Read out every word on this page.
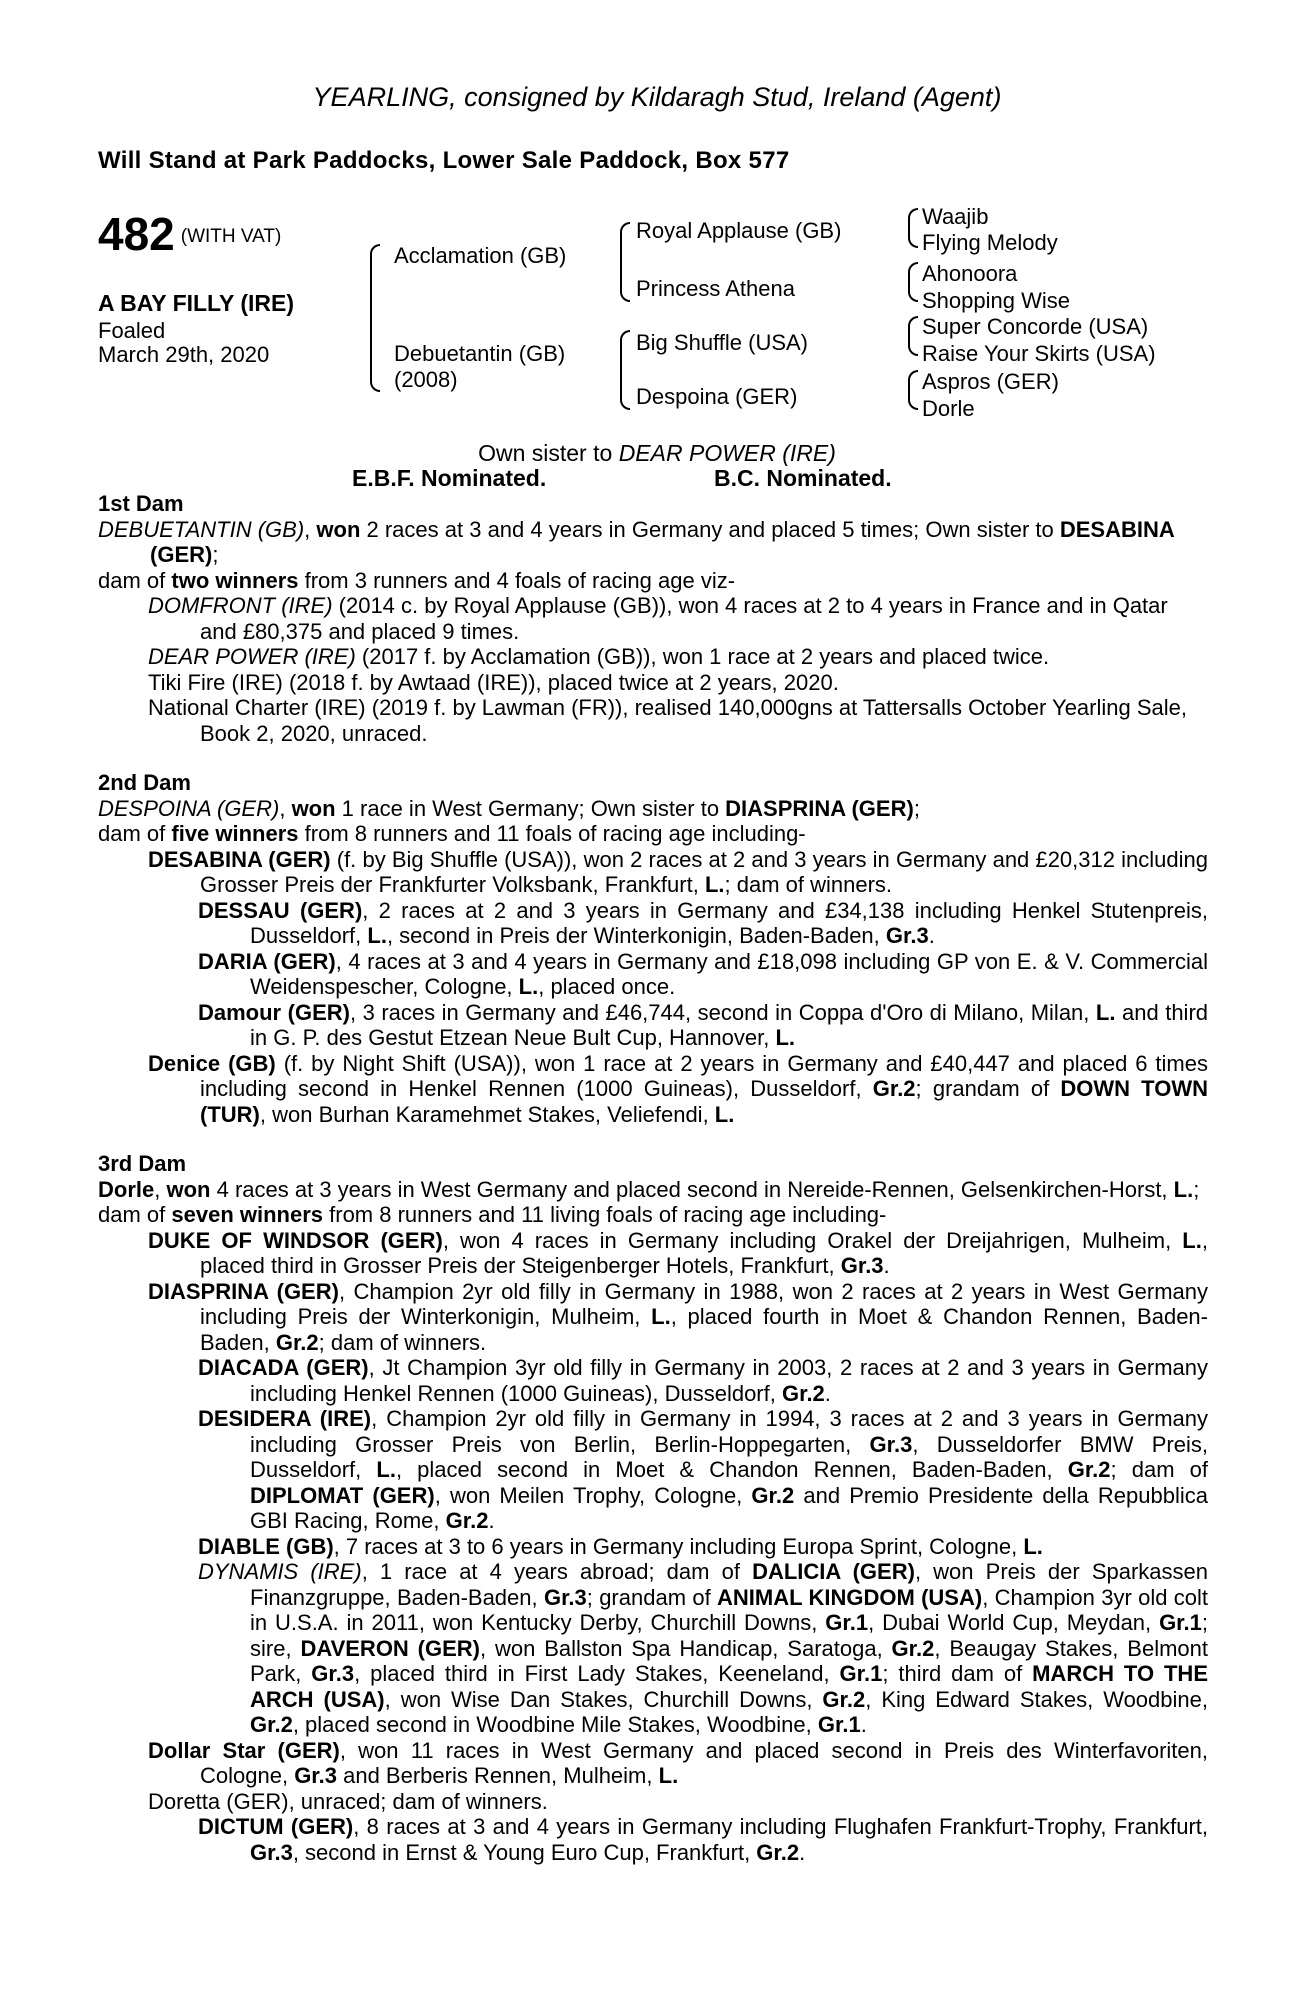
YEARLING, consigned by Kildaragh Stud, Ireland (Agent)
Will Stand at Park Paddocks, Lower Sale Paddock, Box 577
482 (WITH VAT)
A BAY FILLY (IRE)
Foaled
March 29th, 2020
Acclamation (GB)
Debuetantin (GB)
(2008)
Royal Applause (GB)
Princess Athena
Big Shuffle (USA)
Despoina (GER)
Waajib
Flying Melody
Ahonoora
Shopping Wise
Super Concorde (USA)
Raise Your Skirts (USA)
Aspros (GER)
Dorle
Own sister to DEAR POWER (IRE)
E.B.F. Nominated.	B.C. Nominated.

1st Dam

DEBUETANTIN (GB), won 2 races at 3 and 4 years in Germany and placed 5 times; Own sister to DESABINA (GER);

dam of two winners from 3 runners and 4 foals of racing age viz-

DOMFRONT (IRE) (2014 c. by Royal Applause (GB)), won 4 races at 2 to 4 years in France and in Qatar and £80,375 and placed 9 times.

DEAR POWER (IRE) (2017 f. by Acclamation (GB)), won 1 race at 2 years and placed twice.

Tiki Fire (IRE) (2018 f. by Awtaad (IRE)), placed twice at 2 years, 2020.

National Charter (IRE) (2019 f. by Lawman (FR)), realised 140,000gns at Tattersalls October Yearling Sale, Book 2, 2020, unraced.

2nd Dam

DESPOINA (GER), won 1 race in West Germany; Own sister to DIASPRINA (GER);

dam of five winners from 8 runners and 11 foals of racing age including-

DESABINA (GER) (f. by Big Shuffle (USA)), won 2 races at 2 and 3 years in Germany and £20,312 including Grosser Preis der Frankfurter Volksbank, Frankfurt, L.; dam of winners.

DESSAU (GER), 2 races at 2 and 3 years in Germany and £34,138 including Henkel Stutenpreis, Dusseldorf, L., second in Preis der Winterkonigin, Baden-Baden, Gr.3.

DARIA (GER), 4 races at 3 and 4 years in Germany and £18,098 including GP von E. & V. Commercial Weidenspescher, Cologne, L., placed once.

Damour (GER), 3 races in Germany and £46,744, second in Coppa d'Oro di Milano, Milan, L. and third in G. P. des Gestut Etzean Neue Bult Cup, Hannover, L.

Denice (GB) (f. by Night Shift (USA)), won 1 race at 2 years in Germany and £40,447 and placed 6 times including second in Henkel Rennen (1000 Guineas), Dusseldorf, Gr.2; grandam of DOWN TOWN (TUR), won Burhan Karamehmet Stakes, Veliefendi, L.

3rd Dam

Dorle, won 4 races at 3 years in West Germany and placed second in Nereide-Rennen, Gelsenkirchen-Horst, L.;

dam of seven winners from 8 runners and 11 living foals of racing age including-

DUKE OF WINDSOR (GER), won 4 races in Germany including Orakel der Dreijahrigen, Mulheim, L., placed third in Grosser Preis der Steigenberger Hotels, Frankfurt, Gr.3.

DIASPRINA (GER), Champion 2yr old filly in Germany in 1988, won 2 races at 2 years in West Germany including Preis der Winterkonigin, Mulheim, L., placed fourth in Moet & Chandon Rennen, Baden-Baden, Gr.2; dam of winners.

DIACADA (GER), Jt Champion 3yr old filly in Germany in 2003, 2 races at 2 and 3 years in Germany including Henkel Rennen (1000 Guineas), Dusseldorf, Gr.2.

DESIDERA (IRE), Champion 2yr old filly in Germany in 1994, 3 races at 2 and 3 years in Germany including Grosser Preis von Berlin, Berlin-Hoppegarten, Gr.3, Dusseldorfer BMW Preis, Dusseldorf, L., placed second in Moet & Chandon Rennen, Baden-Baden, Gr.2; dam of DIPLOMAT (GER), won Meilen Trophy, Cologne, Gr.2 and Premio Presidente della Repubblica GBI Racing, Rome, Gr.2.

DIABLE (GB), 7 races at 3 to 6 years in Germany including Europa Sprint, Cologne, L.

DYNAMIS (IRE), 1 race at 4 years abroad; dam of DALICIA (GER), won Preis der Sparkassen Finanzgruppe, Baden-Baden, Gr.3; grandam of ANIMAL KINGDOM (USA), Champion 3yr old colt in U.S.A. in 2011, won Kentucky Derby, Churchill Downs, Gr.1, Dubai World Cup, Meydan, Gr.1; sire, DAVERON (GER), won Ballston Spa Handicap, Saratoga, Gr.2, Beaugay Stakes, Belmont Park, Gr.3, placed third in First Lady Stakes, Keeneland, Gr.1; third dam of MARCH TO THE ARCH (USA), won Wise Dan Stakes, Churchill Downs, Gr.2, King Edward Stakes, Woodbine, Gr.2, placed second in Woodbine Mile Stakes, Woodbine, Gr.1.

Dollar Star (GER), won 11 races in West Germany and placed second in Preis des Winterfavoriten, Cologne, Gr.3 and Berberis Rennen, Mulheim, L.

Doretta (GER), unraced; dam of winners.

DICTUM (GER), 8 races at 3 and 4 years in Germany including Flughafen Frankfurt-Trophy, Frankfurt, Gr.3, second in Ernst & Young Euro Cup, Frankfurt, Gr.2.
